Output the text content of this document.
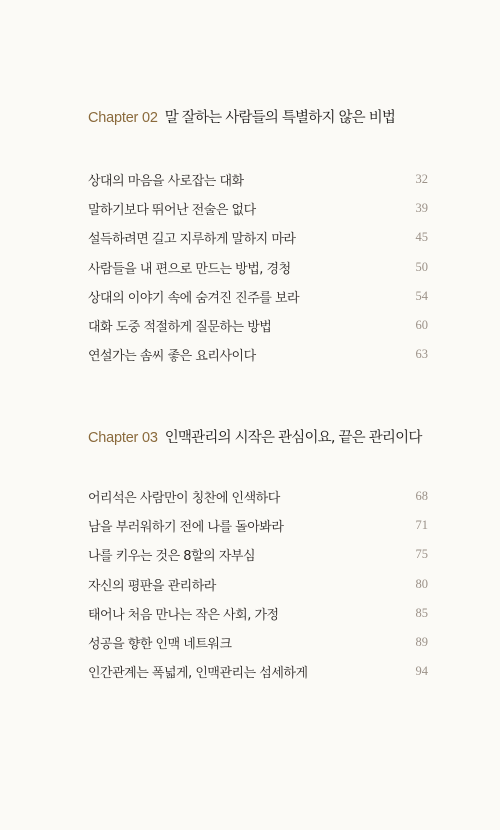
Chapter 02 말 잘하는 사람들의 특별하지 않은 비법
상대의 마음을 사로잡는 대화	32
말하기보다 뛰어난 전술은 없다	39
설득하려면 길고 지루하게 말하지 마라	45
사람들을 내 편으로 만드는 방법, 경청	50
상대의 이야기 속에 숨겨진 진주를 보라	54
대화 도중 적절하게 질문하는 방법	60
연설가는 솜씨 좋은 요리사이다	63
Chapter 03 인맥관리의 시작은 관심이요, 끝은 관리이다
어리석은 사람만이 칭찬에 인색하다	68
남을 부러워하기 전에 나를 돌아봐라	71
나를 키우는 것은 8할의 자부심	75
자신의 평판을 관리하라	80
태어나 처음 만나는 작은 사회, 가정	85
성공을 향한 인맥 네트워크	89
인간관계는 폭넓게, 인맥관리는 섬세하게	94
